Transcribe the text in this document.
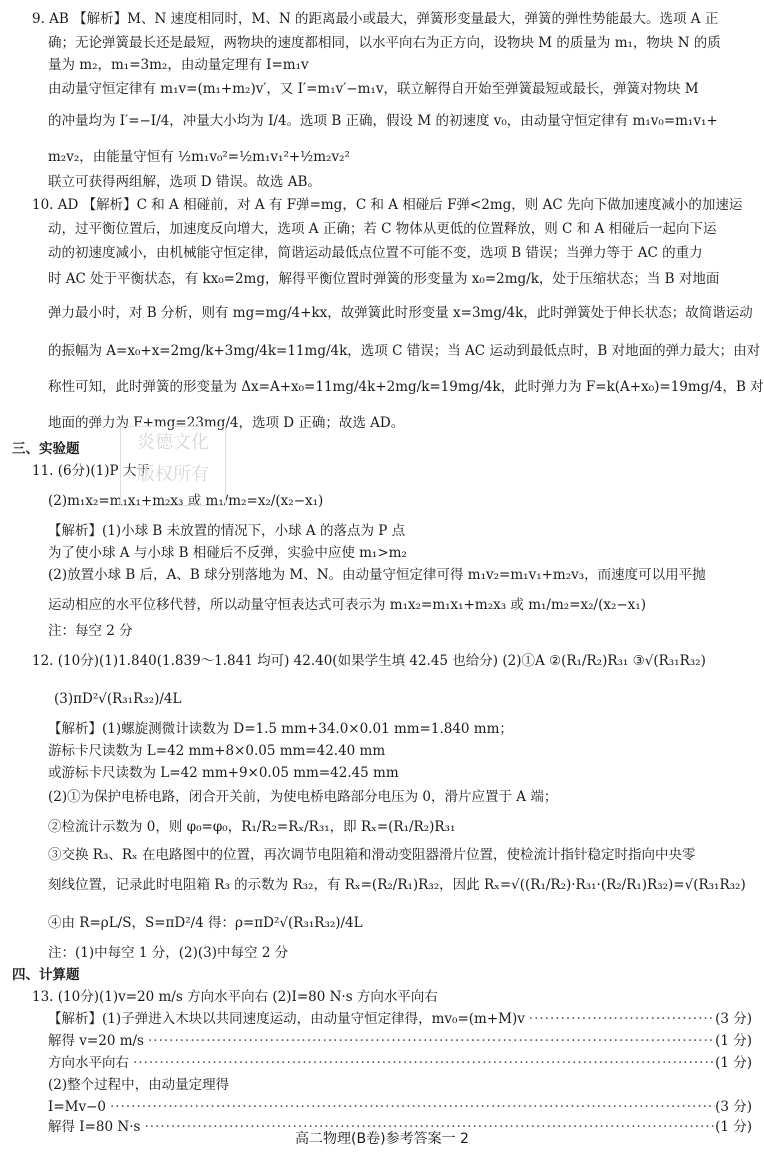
9. AB 【解析】M、N 速度相同时，M、N 的距离最小或最大，弹簧形变量最大，弹簧的弹性势能最大。选项 A 正
确；无论弹簧最长还是最短，两物块的速度都相同，以水平向右为正方向，设物块 M 的质量为 m₁，物块 N 的质
量为 m₂，m₁=3m₂，由动量定理有 I=m₁v
由动量守恒定律有 m₁v=(m₁+m₂)v′，又 I′=m₁v′−m₁v，联立解得自开始至弹簧最短或最长，弹簧对物块 M
的冲量均为 I′=−I/4，冲量大小均为 I/4。选项 B 正确，假设 M 的初速度 v₀，由动量守恒定律有 m₁v₀=m₁v₁+
m₂v₂，由能量守恒有 ½m₁v₀²=½m₁v₁²+½m₂v₂²
联立可获得两组解，选项 D 错误。故选 AB。
10. AD 【解析】C 和 A 相碰前，对 A 有 F弹=mg，C 和 A 相碰后 F弹<2mg，则 AC 先向下做加速度减小的加速运
动，过平衡位置后，加速度反向增大，选项 A 正确；若 C 物体从更低的位置释放，则 C 和 A 相碰后一起向下运
动的初速度减小，由机械能守恒定律，简谐运动最低点位置不可能不变，选项 B 错误；当弹力等于 AC 的重力
时 AC 处于平衡状态，有 kx₀=2mg，解得平衡位置时弹簧的形变量为 x₀=2mg/k，处于压缩状态；当 B 对地面
弹力最小时，对 B 分析，则有 mg=mg/4+kx，故弹簧此时形变量 x=3mg/4k，此时弹簧处于伸长状态；故简谐运动
的振幅为 A=x₀+x=2mg/k+3mg/4k=11mg/4k，选项 C 错误；当 AC 运动到最低点时，B 对地面的弹力最大；由对
称性可知，此时弹簧的形变量为 Δx=A+x₀=11mg/4k+2mg/k=19mg/4k，此时弹力为 F=k(A+x₀)=19mg/4，B 对
地面的弹力为 F+mg=23mg/4，选项 D 正确；故选 AD。
三、实验题
11. (6分)(1)P 大于
(2)m₁x₂=m₁x₁+m₂x₃ 或 m₁/m₂=x₂/(x₂−x₁)
【解析】(1)小球 B 未放置的情况下，小球 A 的落点为 P 点
为了使小球 A 与小球 B 相碰后不反弹，实验中应使 m₁>m₂
(2)放置小球 B 后，A、B 球分别落地为 M、N。由动量守恒定律可得 m₁v₂=m₁v₁+m₂v₃，而速度可以用平抛
运动相应的水平位移代替，所以动量守恒表达式可表示为 m₁x₂=m₁x₁+m₂x₃ 或 m₁/m₂=x₂/(x₂−x₁)
注：每空 2 分
12. (10分)(1)1.840(1.839～1.841 均可) 42.40(如果学生填 42.45 也给分) (2)①A ②(R₁/R₂)R₃₁ ③√(R₃₁R₃₂)
(3)πD²√(R₃₁R₃₂)/4L
【解析】(1)螺旋测微计读数为 D=1.5 mm+34.0×0.01 mm=1.840 mm；
游标卡尺读数为 L=42 mm+8×0.05 mm=42.40 mm
或游标卡尺读数为 L=42 mm+9×0.05 mm=42.45 mm
(2)①为保护电桥电路，闭合开关前，为使电桥电路部分电压为 0，滑片应置于 A 端；
②检流计示数为 0，则 φ₀=φ₀，R₁/R₂=Rₓ/R₃₁，即 Rₓ=(R₁/R₂)R₃₁
③交换 R₃、Rₓ 在电路图中的位置，再次调节电阻箱和滑动变阻器滑片位置，使检流计指针稳定时指向中央零
刻线位置，记录此时电阻箱 R₃ 的示数为 R₃₂，有 Rₓ=(R₂/R₁)R₃₂，因此 Rₓ=√((R₁/R₂)·R₃₁·(R₂/R₁)R₃₂)=√(R₃₁R₃₂)
④由 R=ρL/S，S=πD²/4 得：ρ=πD²√(R₃₁R₃₂)/4L
注：(1)中每空 1 分，(2)(3)中每空 2 分
四、计算题
13. (10分)(1)v=20 m/s 方向水平向右 (2)I=80 N·s 方向水平向右
【解析】(1)子弹进入木块以共同速度运动，由动量守恒定律得，mv₀=(m+M)v ·····	(3 分)
解得 v=20 m/s ·····	(1 分)
方向水平向右 ·····	(1 分)
(2)整个过程中，由动量定理得
I=Mv−0 ·····	(3 分)
解得 I=80 N·s ·····	(1 分)
炎德文化
版权所有
高二物理(B卷)参考答案一 2
